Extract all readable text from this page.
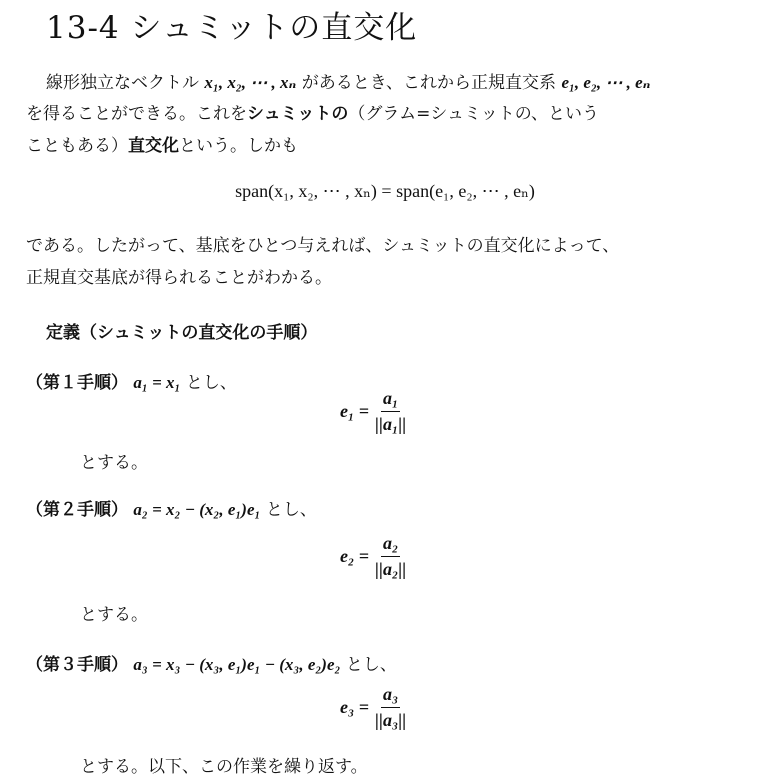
13-4 シュミットの直交化
線形独立なベクトル x₁, x₂, ⋯ , xₙ があるとき、これから正規直交系 e₁, e₂, ⋯ , eₙ
を得ることができる。これをシュミットの（グラム=シュミットの、という
こともある）直交化という。しかも
span(x₁, x₂, ⋯ , xₙ) = span(e₁, e₂, ⋯ , eₙ)
である。したがって、基底をひとつ与えれば、シュミットの直交化によって、
正規直交基底が得られることがわかる。
定義（シュミットの直交化の手順）
（第１手順） a₁ = x₁ とし、
$e_1 = \frac{\text{a₁}}{\text{||a₁||}}$
とする。
（第２手順） a₂ = x₂ − (x₂, e₁)e₁ とし、
$e_2 = \frac{\text{a₂}}{\text{||a₂||}}$
とする。
（第３手順） a₃ = x₃ − (x₃, e₁)e₁ − (x₃, e₂)e₂ とし、
$e_3 = \frac{\text{a₃}}{\text{||a₃||}}$
とする。以下、この作業を繰り返す。
